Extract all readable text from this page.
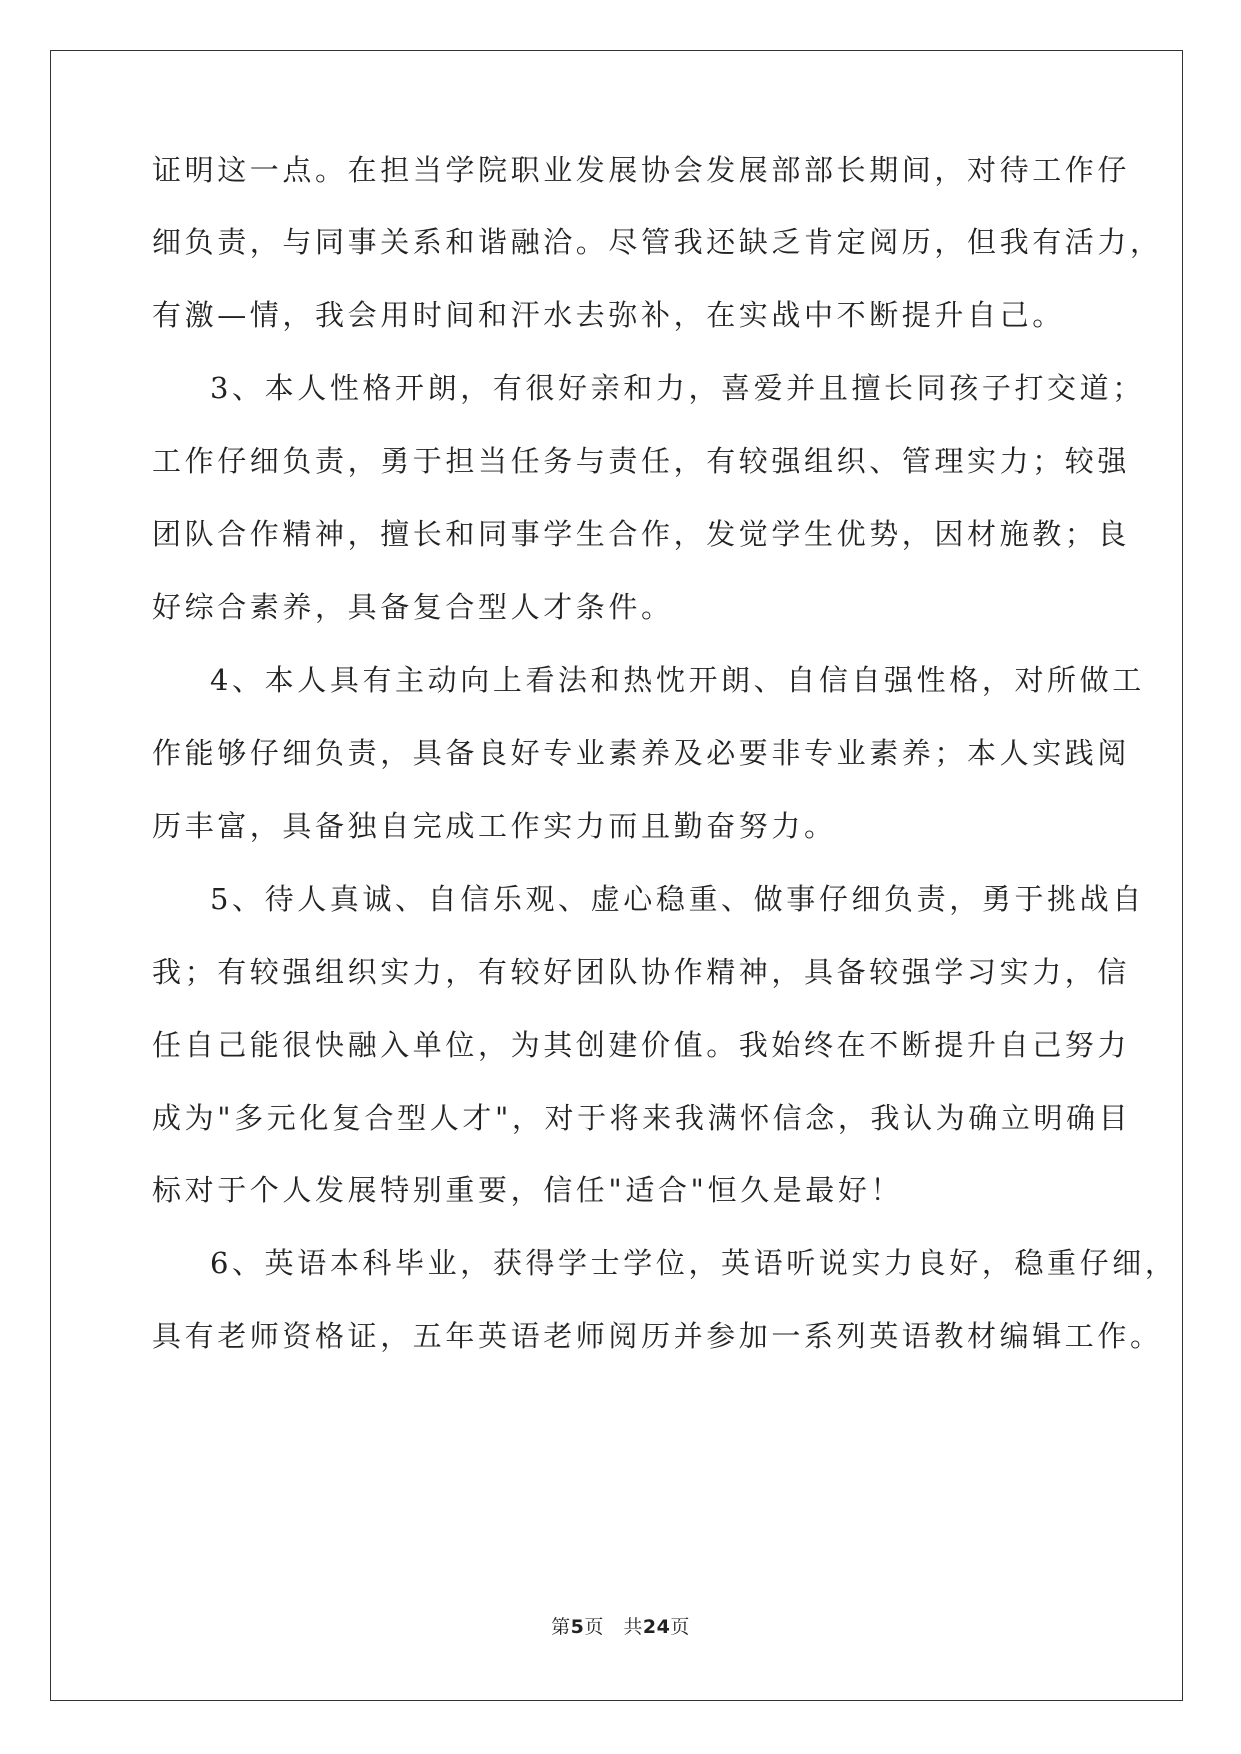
证明这一点。在担当学院职业发展协会发展部部长期间，对待工作仔
细负责，与同事关系和谐融洽。尽管我还缺乏肯定阅历，但我有活力，
有激—情，我会用时间和汗水去弥补，在实战中不断提升自己。
3、本人性格开朗，有很好亲和力，喜爱并且擅长同孩子打交道；
工作仔细负责，勇于担当任务与责任，有较强组织、管理实力；较强
团队合作精神，擅长和同事学生合作，发觉学生优势，因材施教；良
好综合素养，具备复合型人才条件。
4、本人具有主动向上看法和热忱开朗、自信自强性格，对所做工
作能够仔细负责，具备良好专业素养及必要非专业素养；本人实践阅
历丰富，具备独自完成工作实力而且勤奋努力。
5、待人真诚、自信乐观、虚心稳重、做事仔细负责，勇于挑战自
我；有较强组织实力，有较好团队协作精神，具备较强学习实力，信
任自己能很快融入单位，为其创建价值。我始终在不断提升自己努力
成为"多元化复合型人才"，对于将来我满怀信念，我认为确立明确目
标对于个人发展特别重要，信任"适合"恒久是最好！
6、英语本科毕业，获得学士学位，英语听说实力良好，稳重仔细，
具有老师资格证，五年英语老师阅历并参加一系列英语教材编辑工作。
第5页　共24页
